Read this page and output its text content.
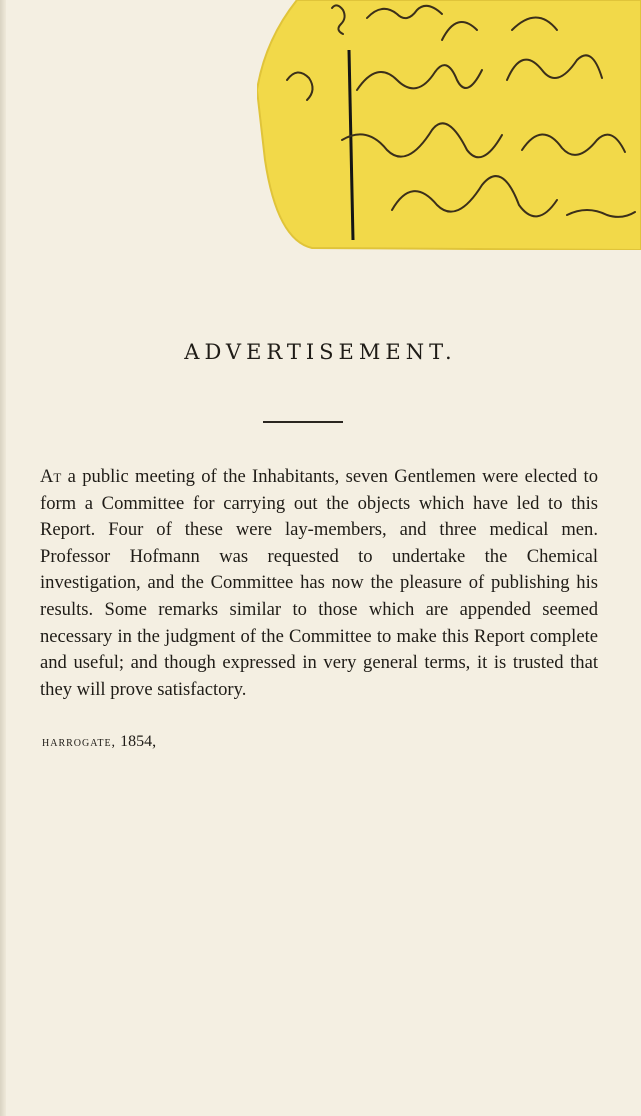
ADVERTISEMENT.

At a public meeting of the Inhabitants, seven Gentlemen were elected to form a Committee for carrying out the objects which have led to this Report. Four of these were lay-members, and three medical men. Professor Hofmann was requested to undertake the Chemical investigation, and the Committee has now the pleasure of publishing his results. Some remarks similar to those which are appended seemed necessary in the judgment of the Committee to make this Report complete and useful; and though expressed in very general terms, it is trusted that they will prove satisfactory.

harrogate, 1854,
